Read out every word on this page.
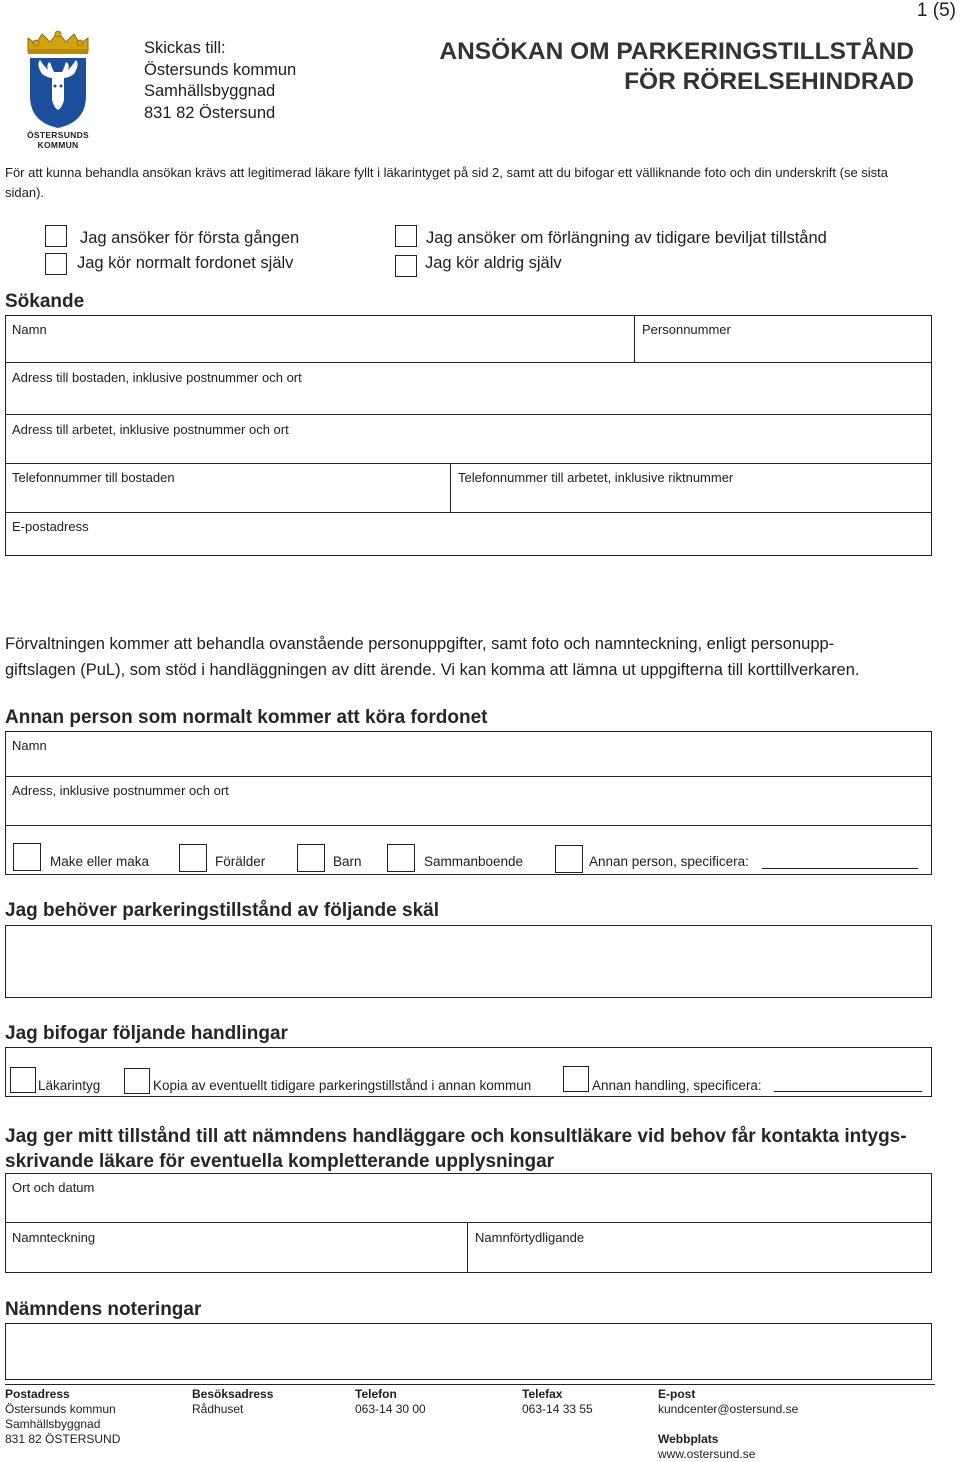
1 (5)
ÖSTERSUNDS
KOMMUN
Skickas till:
Östersunds kommun
Samhällsbyggnad
831 82 Östersund
ANSÖKAN OM PARKERINGSTILLSTÅND
FÖR RÖRELSEHINDRAD
För att kunna behandla ansökan krävs att legitimerad läkare fyllt i läkarintyget på sid 2, samt att du bifogar ett välliknande foto och din underskrift (se sista sidan).
Jag ansöker för första gången	Jag ansöker om förlängning av tidigare beviljat tillstånd
Jag kör normalt fordonet själv	Jag kör aldrig själv
Sökande
Namn	Personnummer
Adress till bostaden, inklusive postnummer och ort
Adress till arbetet, inklusive postnummer och ort
Telefonnummer till bostaden	Telefonnummer till arbetet, inklusive riktnummer
E-postadress
Förvaltningen kommer att behandla ovanstående personuppgifter, samt foto och namnteckning, enligt personupp-
giftslagen (PuL), som stöd i handläggningen av ditt ärende. Vi kan komma att lämna ut uppgifterna till korttillverkaren.
Annan person som normalt kommer att köra fordonet
Namn
Adress, inklusive postnummer och ort
Make eller maka	Förälder	Barn	Sammanboende	Annan person, specificera:
Jag behöver parkeringstillstånd av följande skäl
Jag bifogar följande handlingar
Läkarintyg	Kopia av eventuellt tidigare parkeringstillstånd i annan kommun	Annan handling, specificera:
Jag ger mitt tillstånd till att nämndens handläggare och konsultläkare vid behov får kontakta intygs-
skrivande läkare för eventuella kompletterande upplysningar
Ort och datum
Namnteckning	Namnförtydligande
Nämndens noteringar
Postadress
Östersunds kommun
Samhällsbyggnad
831 82 ÖSTERSUND
Besöksadress
Rådhuset
Telefon
063-14 30 00
Telefax
063-14 33 55
E-post
kundcenter@ostersund.se

Webbplats
www.ostersund.se
